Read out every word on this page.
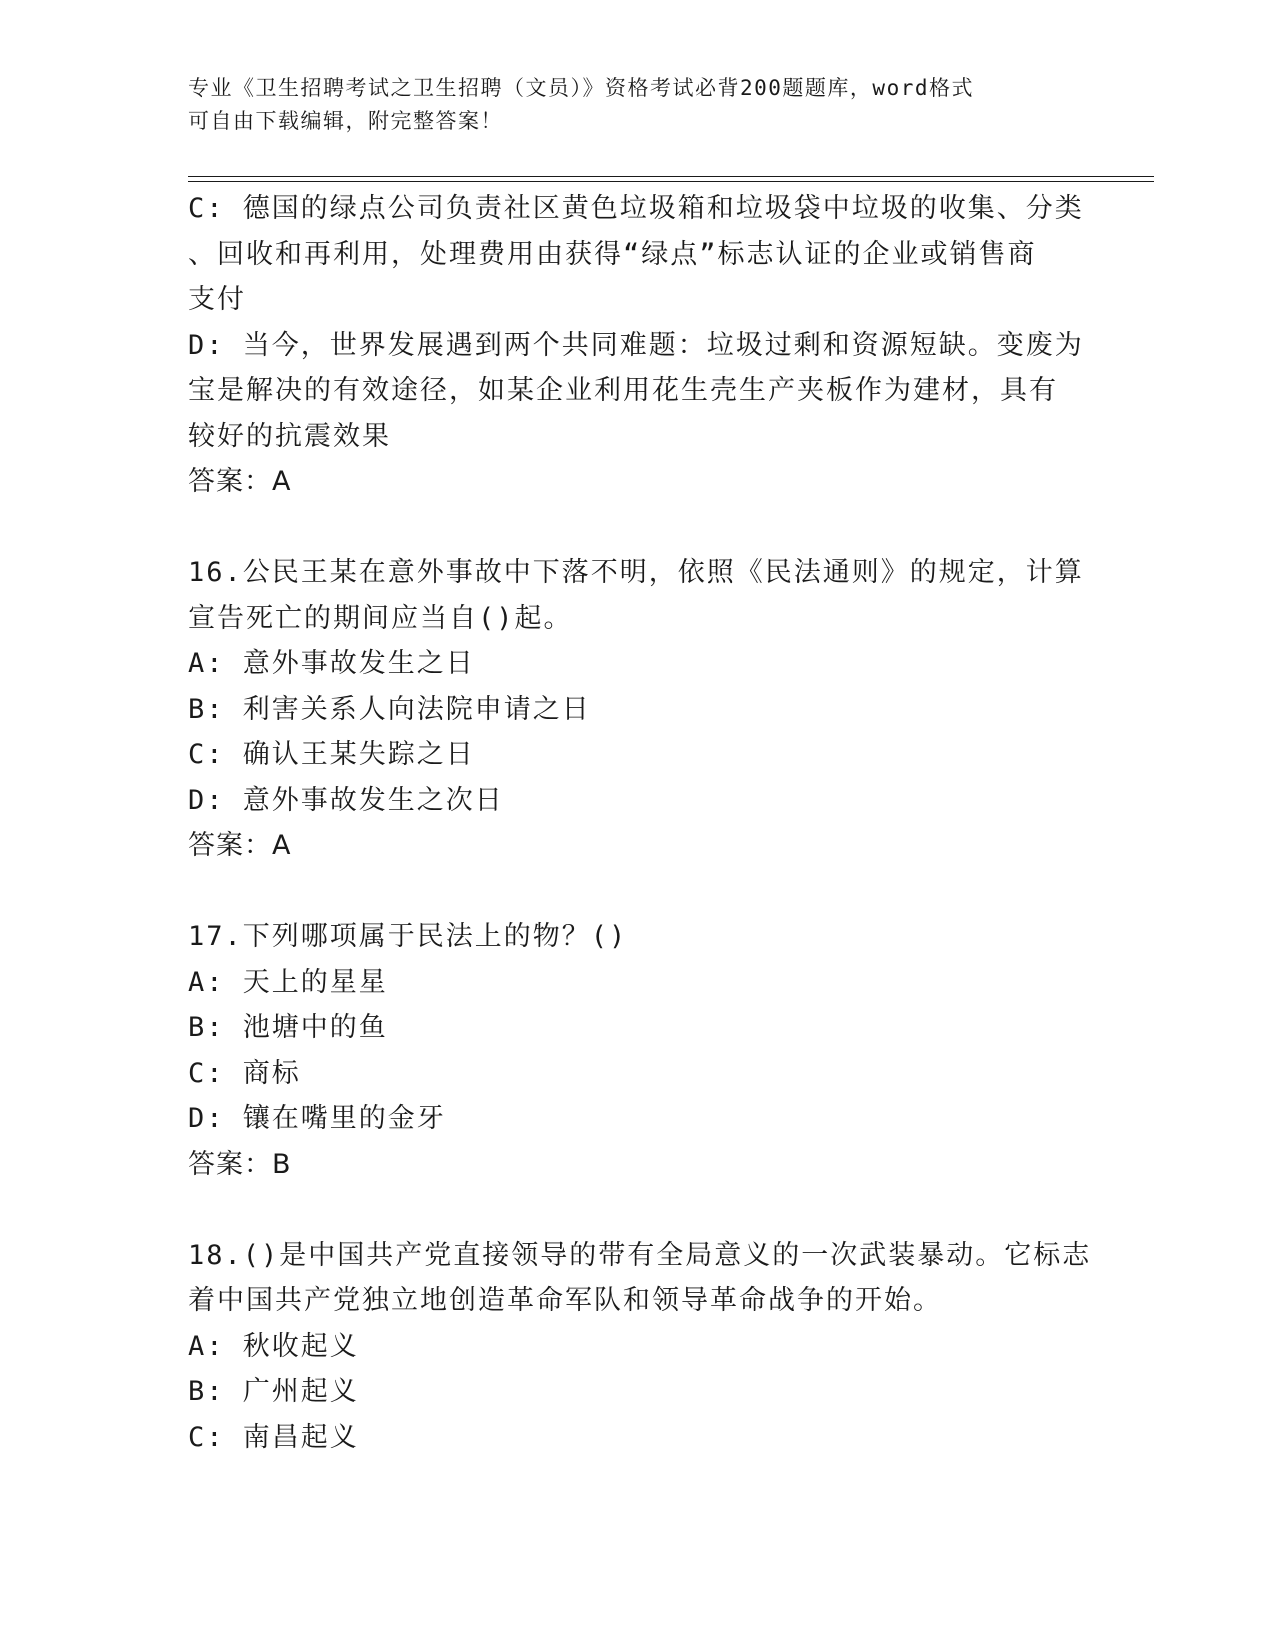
专业《卫生招聘考试之卫生招聘（文员）》资格考试必背200题题库，word格式
可自由下载编辑，附完整答案！
C: 德国的绿点公司负责社区黄色垃圾箱和垃圾袋中垃圾的收集、分类
、回收和再利用，处理费用由获得“绿点”标志认证的企业或销售商
支付
D: 当今，世界发展遇到两个共同难题：垃圾过剩和资源短缺。变废为
宝是解决的有效途径，如某企业利用花生壳生产夹板作为建材，具有
较好的抗震效果
答案：A
16.公民王某在意外事故中下落不明，依照《民法通则》的规定，计算
宣告死亡的期间应当自()起。
A: 意外事故发生之日
B: 利害关系人向法院申请之日
C: 确认王某失踪之日
D: 意外事故发生之次日
答案：A
17.下列哪项属于民法上的物？()
A: 天上的星星
B: 池塘中的鱼
C: 商标
D: 镶在嘴里的金牙
答案：B
18.()是中国共产党直接领导的带有全局意义的一次武装暴动。它标志
着中国共产党独立地创造革命军队和领导革命战争的开始。
A: 秋收起义
B: 广州起义
C: 南昌起义
